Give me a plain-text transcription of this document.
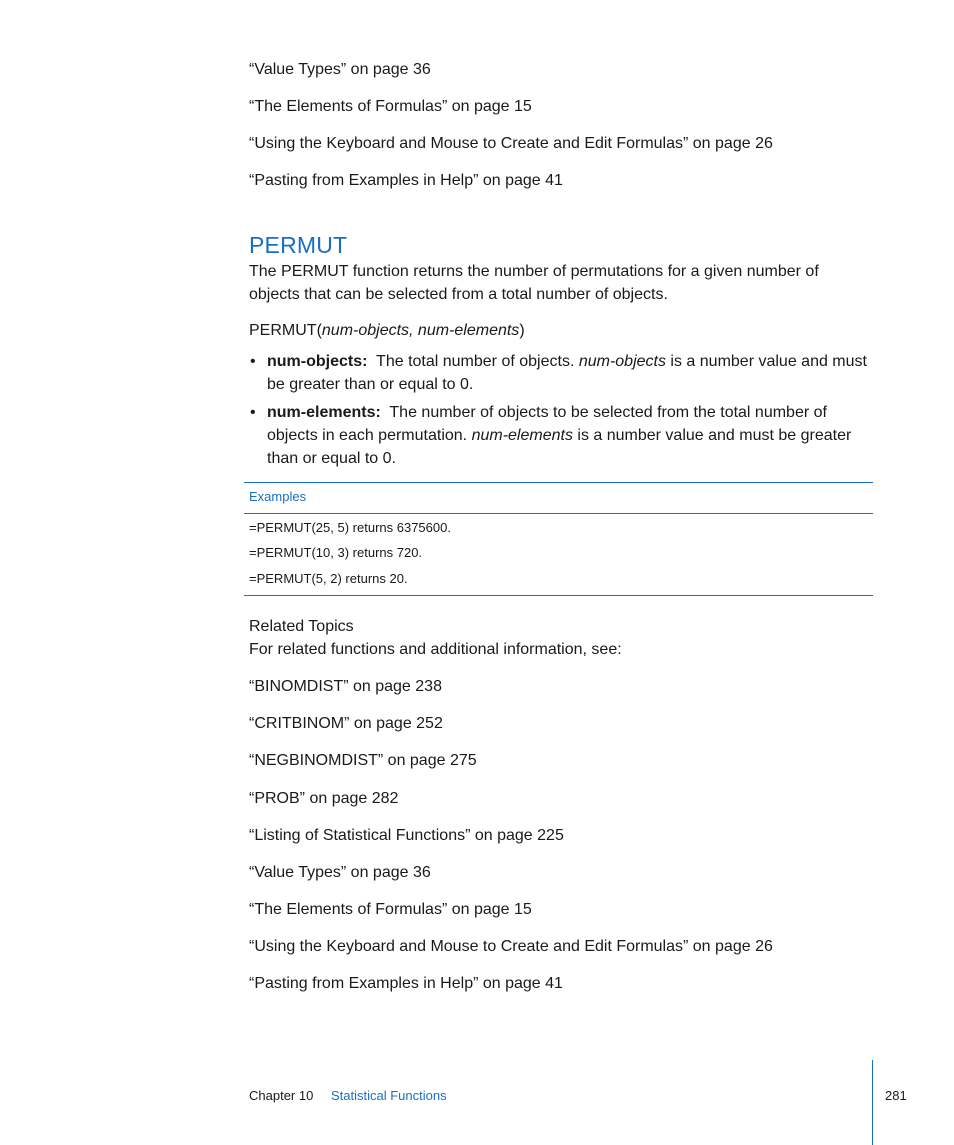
“Value Types” on page 36
“The Elements of Formulas” on page 15
“Using the Keyboard and Mouse to Create and Edit Formulas” on page 26
“Pasting from Examples in Help” on page 41
PERMUT
The PERMUT function returns the number of permutations for a given number of
objects that can be selected from a total number of objects.
PERMUT(num-objects, num-elements)
• num-objects:  The total number of objects. num-objects is a number value and must be greater than or equal to 0.
• num-elements:  The number of objects to be selected from the total number of objects in each permutation. num-elements is a number value and must be greater than or equal to 0.
Examples
=PERMUT(25, 5) returns 6375600.
=PERMUT(10, 3) returns 720.
=PERMUT(5, 2) returns 20.
Related Topics
For related functions and additional information, see:
“BINOMDIST” on page 238
“CRITBINOM” on page 252
“NEGBINOMDIST” on page 275
“PROB” on page 282
“Listing of Statistical Functions” on page 225
“Value Types” on page 36
“The Elements of Formulas” on page 15
“Using the Keyboard and Mouse to Create and Edit Formulas” on page 26
“Pasting from Examples in Help” on page 41
Chapter 10 Statistical Functions	281
